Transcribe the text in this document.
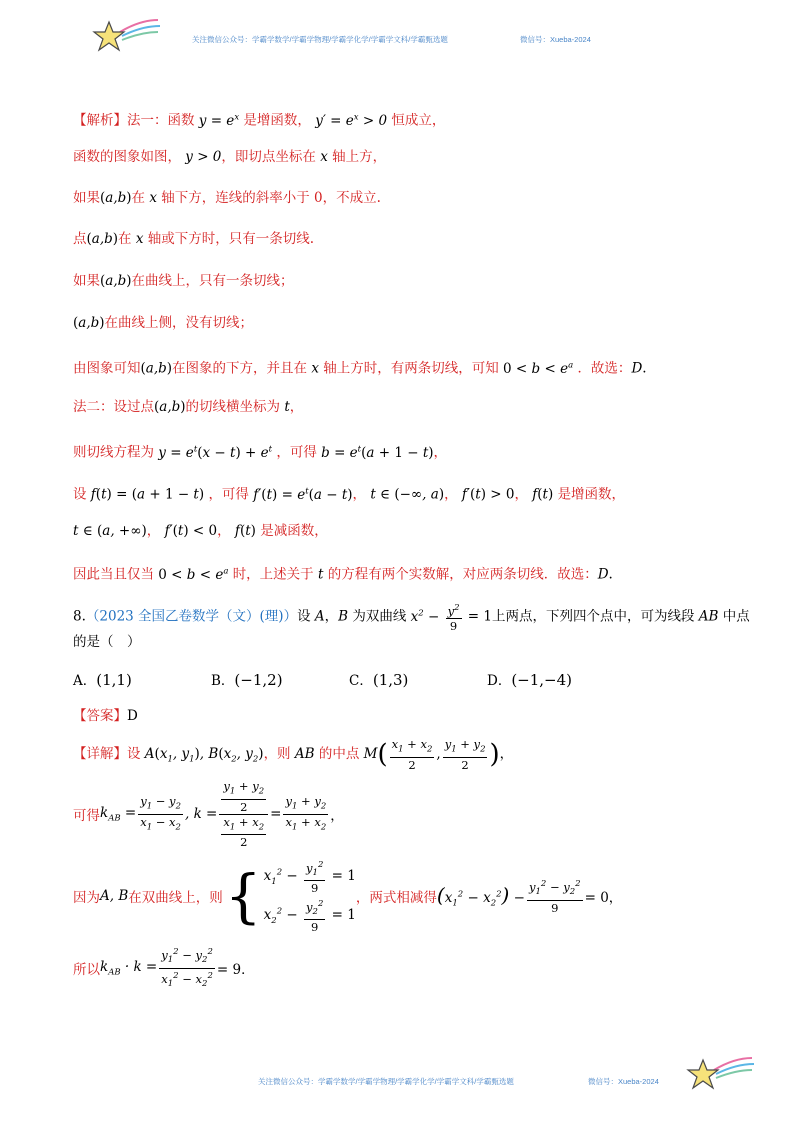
关注微信公众号：学霸学数学/学霸学物理/学霸学化学/学霸学文科/学霸甄选题	微信号：Xueba-2024
【解析】法一：函数 $y = e^x$ 是增函数， $y' = e^x > 0$ 恒成立，
函数的图象如图， y > 0，即切点坐标在 x 轴上方，
如果(a,b)在 x 轴下方，连线的斜率小于 0，不成立.
点(a,b)在 x 轴或下方时，只有一条切线.
如果(a,b)在曲线上，只有一条切线；
(a,b)在曲线上侧，没有切线；
由图象可知(a,b)在图象的下方，并且在 x 轴上方时，有两条切线，可知 $0 < b < e^a$ ．故选：D.
法二：设过点(a,b)的切线横坐标为 t，
则切线方程为 $y = e^t(x - t) + e^t$ ，可得 $b = e^t(a + 1 - t)$，
设 f(t) = (a + 1 − t) ，可得 $f'(t) = e^t(a - t)$， t ∈ (−∞, a)， f′(t) > 0， f(t) 是增函数，
t ∈ (a, +∞)， f′(t) < 0， f(t) 是减函数，
因此当且仅当 $0 < b < e^a$ 时，上述关于 t 的方程有两个实数解，对应两条切线．故选：D.
8.（2023 全国乙卷数学（文）(理)）设 A，B 为双曲线 $x^2 - \frac{y^2}{9} = 1$上两点，下列四个点中，可为线段 AB 中点
的是（　）
A．(1,1)	B．(−1,2)	C．(1,3)	D．(−1,−4)
【答案】D
【详解】设 $A(x_1$, $y_1$), $B(x_2$, $y_2$)，则 AB 的中点 $M( \frac{x_1 + x_2}{2}$ , $\frac{y_1 + y_2}{2}$ )，
可得 $k_{AB} = \frac{y_1 - y_2}{x_1 - x_2}$ , $k = y_1 + y_2$
2
$x_1 + x_2$
$2 = \frac{y_1 + y_2}{x_1 + x_2}$ ，
因为 A, B 在双曲线上，则 { $x_1^2 - \frac{y_1^2}{9} = 1$
$x_2^2 - \frac{y_2^2}{9} = 1$
，两式相减得 $(x_1^2 - x_2^2) - \frac{y_1^2 - y_2^2}{9} = 0$，
所以 $k_{AB} \cdot k = \frac{y_1^2 - y_2^2}{x_1^2 - x_2^2} = 9$．
关注微信公众号：学霸学数学/学霸学物理/学霸学化学/学霸学文科/学霸甄选题	微信号：Xueba-2024
